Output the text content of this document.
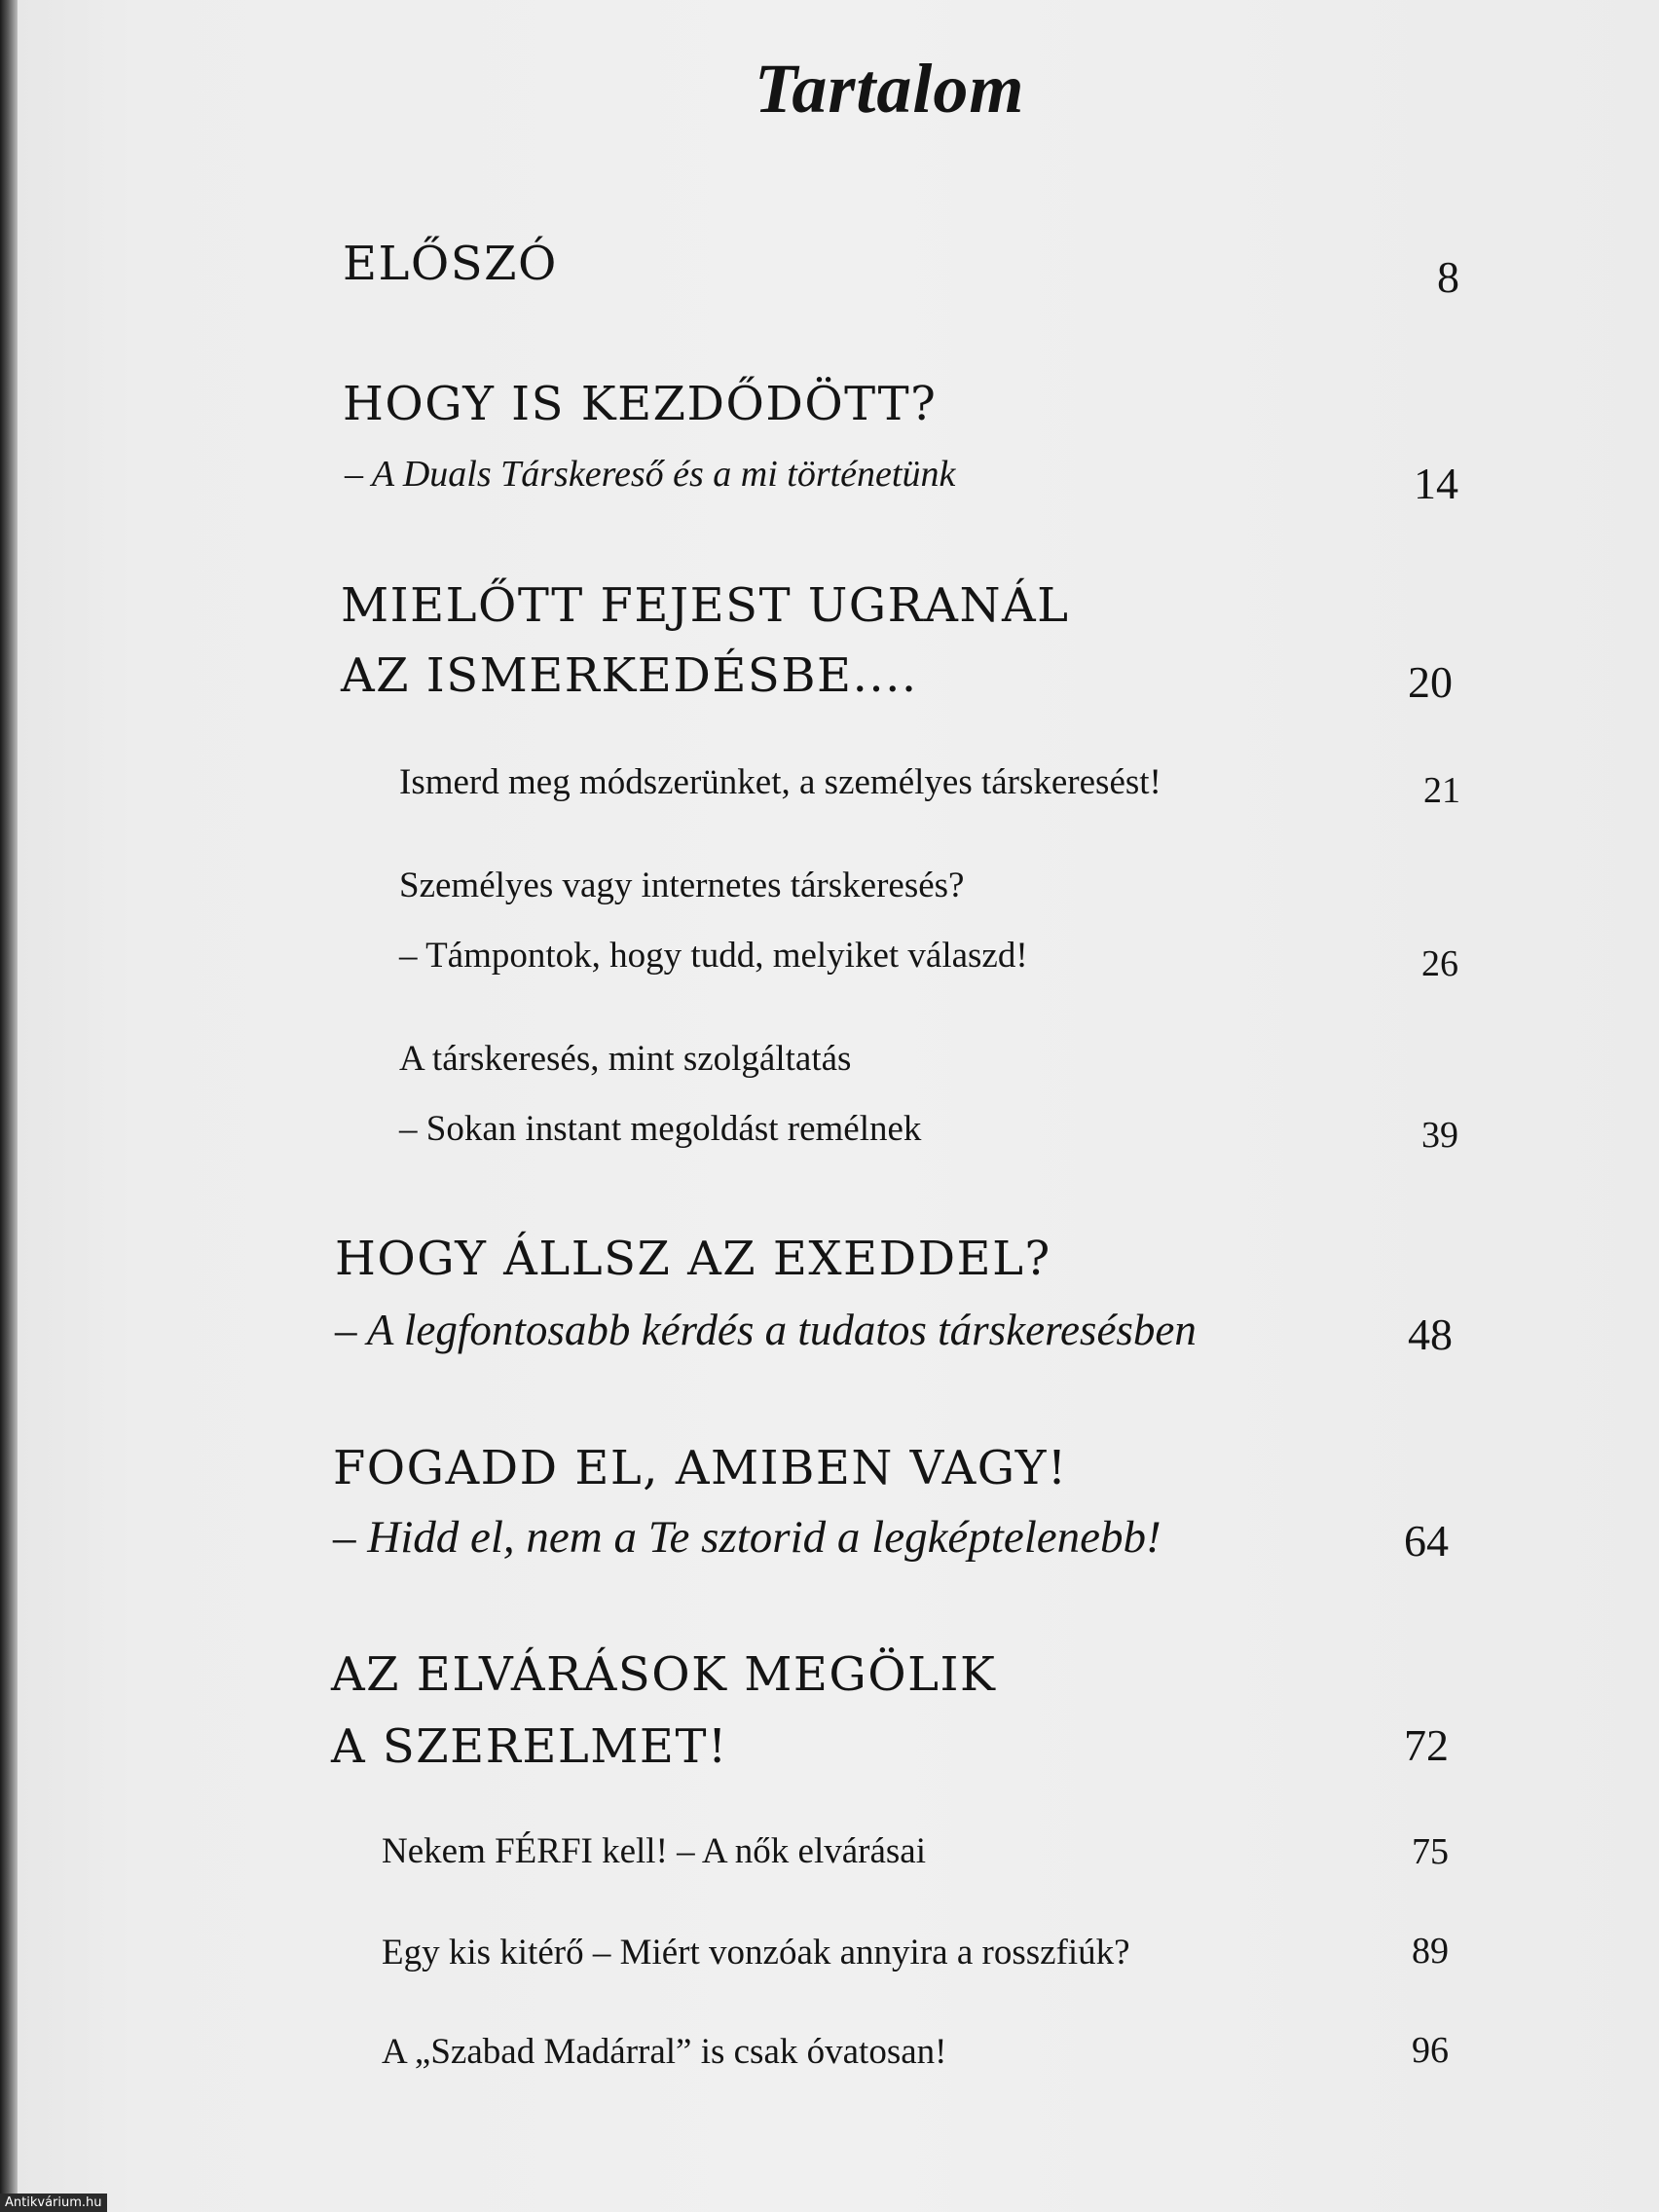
Tartalom
ELŐSZÓ	8
HOGY IS KEZDŐDÖTT?
– A Duals Társkereső és a mi történetünk	14
MIELŐTT FEJEST UGRANÁL
AZ ISMERKEDÉSBE....	20
Ismerd meg módszerünket, a személyes társkeresést!	21
Személyes vagy internetes társkeresés?
– Támpontok, hogy tudd, melyiket válaszd!	26
A társkeresés, mint szolgáltatás
– Sokan instant megoldást remélnek	39
HOGY ÁLLSZ AZ EXEDDEL?
– A legfontosabb kérdés a tudatos társkeresésben	48
FOGADD EL, AMIBEN VAGY!
– Hidd el, nem a Te sztorid a legképtelenebb!	64
AZ ELVÁRÁSOK MEGÖLIK
A SZERELMET!	72
Nekem FÉRFI kell! – A nők elvárásai	75
Egy kis kitérő – Miért vonzóak annyira a rosszfiúk?	89
A „Szabad Madárral” is csak óvatosan!	96
Antikvárium.hu
